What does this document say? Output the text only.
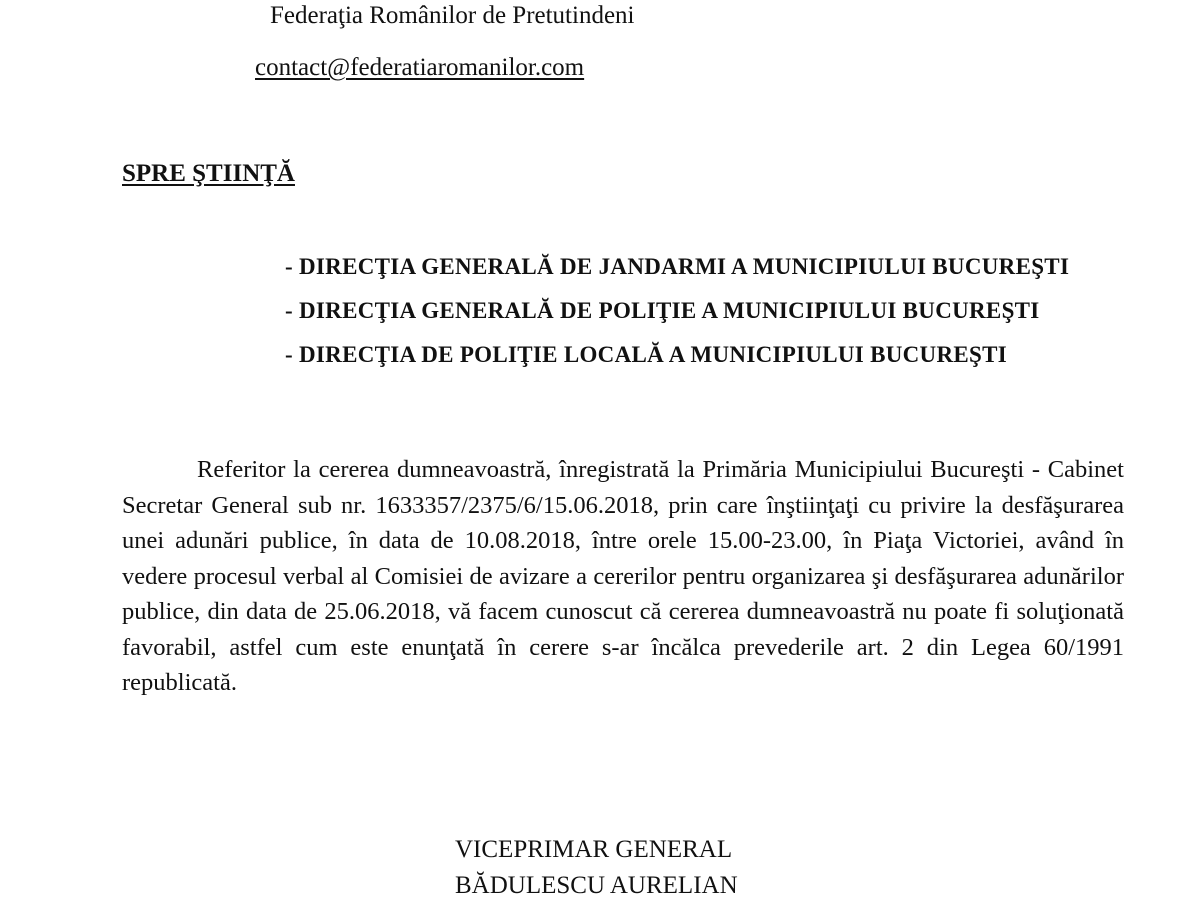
Federaţia Românilor de Pretutindeni
contact@federatiaromanilor.com
SPRE ŞTIINŢĂ
- DIRECŢIA GENERALĂ DE JANDARMI A MUNICIPIULUI BUCUREŞTI
- DIRECŢIA GENERALĂ DE POLIŢIE A MUNICIPIULUI BUCUREŞTI
- DIRECŢIA DE POLIŢIE LOCALĂ A MUNICIPIULUI BUCUREŞTI

Referitor la cererea dumneavoastră, înregistrată la Primăria Municipiului Bucureşti - Cabinet Secretar General sub nr. 1633357/2375/6/15.06.2018, prin care înştiinţaţi cu privire la desfăşurarea unei adunări publice, în data de 10.08.2018, între orele 15.00-23.00, în Piaţa Victoriei, având în vedere procesul verbal al Comisiei de avizare a cererilor pentru organizarea şi desfăşurarea adunărilor publice, din data de 25.06.2018, vă facem cunoscut că cererea dumneavoastră nu poate fi soluţionată favorabil, astfel cum este enunţată în cerere s-ar încălca prevederile art. 2 din Legea 60/1991 republicată.

VICEPRIMAR GENERAL
BĂDULESCU AURELIAN
